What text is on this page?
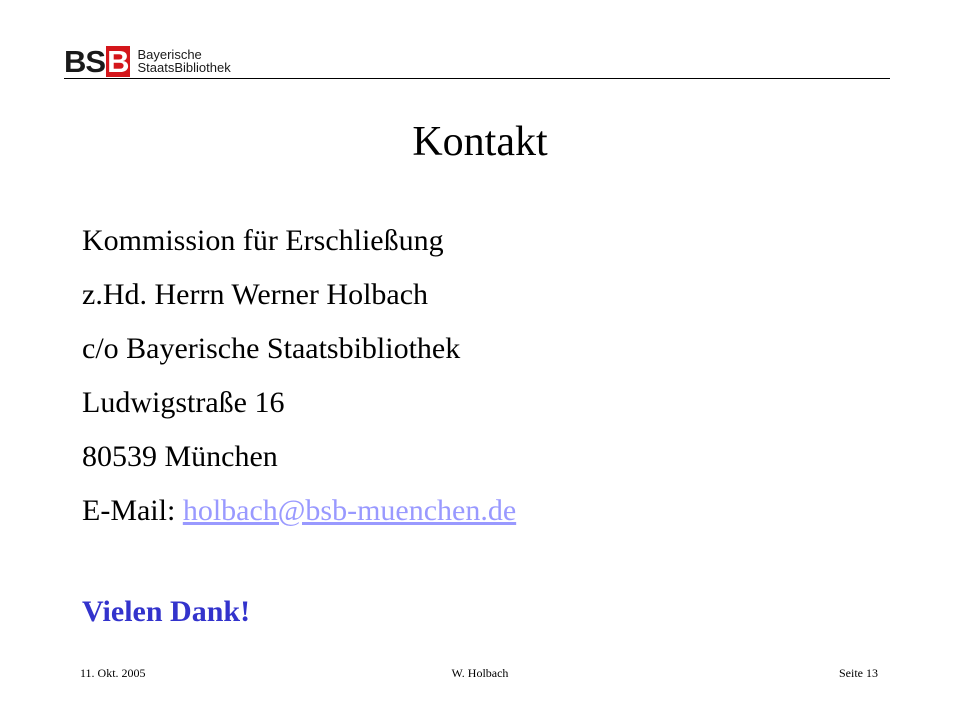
B S B Bayerische
StaatsBibliothek
Kontakt
Kommission für Erschließung
z.Hd. Herrn Werner Holbach
c/o Bayerische Staatsbibliothek
Ludwigstraße 16
80539 München
E-Mail: holbach@bsb-muenchen.de
Vielen Dank!
11. Okt. 2005	W. Holbach	Seite 13
